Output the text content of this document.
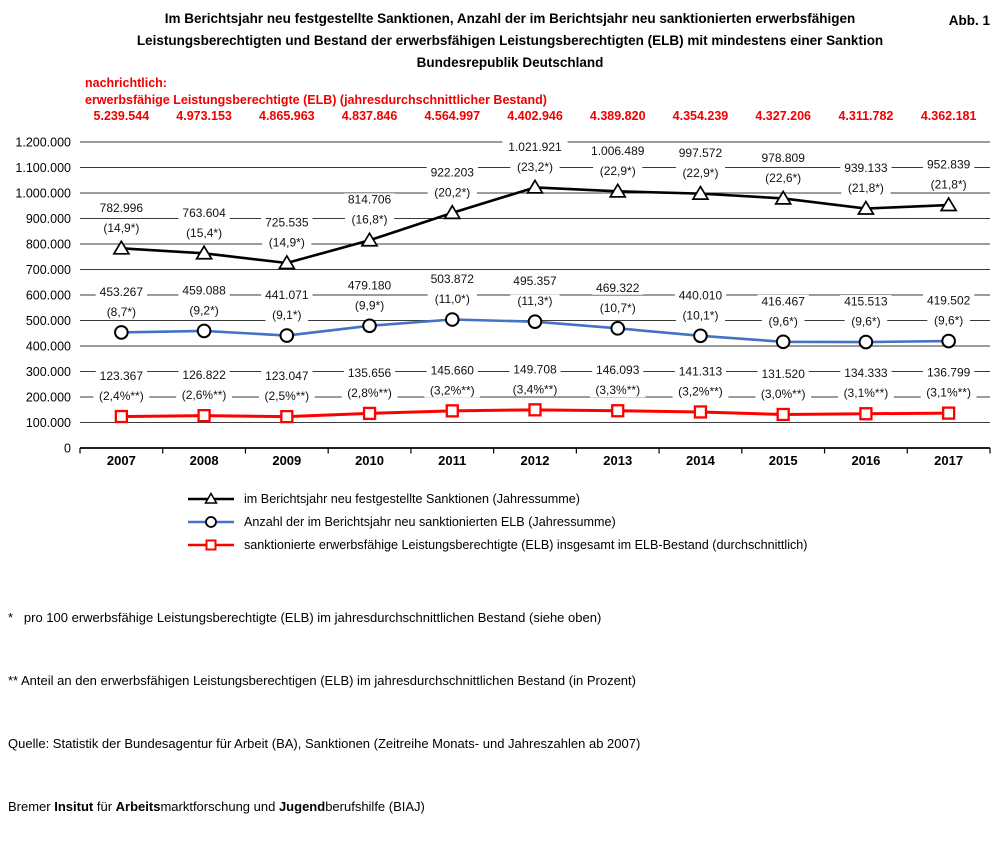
Im Berichtsjahr neu festgestellte Sanktionen, Anzahl der im Berichtsjahr neu sanktionierten erwerbsfähigen
Leistungsberechtigten und Bestand der erwerbsfähigen Leistungsberechtigten (ELB) mit mindestens einer Sanktion
Bundesrepublik Deutschland
Abb. 1
nachrichtlich:
erwerbsfähige Leistungsberechtigte (ELB) (jahresdurchschnittlicher Bestand)
5.239.544 4.973.153 4.865.963 4.837.846 4.564.997 4.402.946 4.389.820 4.354.239 4.327.206 4.311.782 4.362.181
0
100.000
200.000
300.000
400.000
500.000
600.000
700.000
800.000
900.000
1.000.000
1.100.000
1.200.000
2007	2008	2009	2010	2011	2012	2013	2014	2015	2016	2017
782.996
(14,9*)
763.604
(15,4*)
725.535
(14,9*)
814.706
(16,8*)
922.203
(20,2*)
1.021.921
(23,2*)
1.006.489
(22,9*)
997.572
(22,9*)
978.809
(22,6*)
939.133
(21,8*)
952.839
(21,8*)
453.267
(8,7*)
459.088
(9,2*)
441.071
(9,1*)
479.180
(9,9*)
503.872
(11,0*)
495.357
(11,3*)
469.322
(10,7*)
440.010
(10,1*)
416.467
(9,6*)
415.513
(9,6*)
419.502
(9,6*)
123.367
(2,4%**)
126.822
(2,6%**)
123.047
(2,5%**)
135.656
(2,8%**)
145.660
(3,2%**)
149.708
(3,4%**)
146.093
(3,3%**)
141.313
(3,2%**)
131.520
(3,0%**)
134.333
(3,1%**)
136.799
(3,1%**)
im Berichtsjahr neu festgestellte Sanktionen (Jahressumme)
Anzahl der im Berichtsjahr neu sanktionierten ELB (Jahressumme)
sanktionierte erwerbsfähige Leistungsberechtigte (ELB) insgesamt im ELB-Bestand (durchschnittlich)

*   pro 100 erwerbsfähige Leistungsberechtigte (ELB) im jahresdurchschnittlichen Bestand (siehe oben)

** Anteil an den erwerbsfähigen Leistungsberechtigen (ELB) im jahresdurchschnittlichen Bestand (in Prozent)

Quelle: Statistik der Bundesagentur für Arbeit (BA), Sanktionen (Zeitreihe Monats- und Jahreszahlen ab 2007)

Bremer Insitut für Arbeitsmarktforschung und Jugendberufshilfe (BIAJ)
